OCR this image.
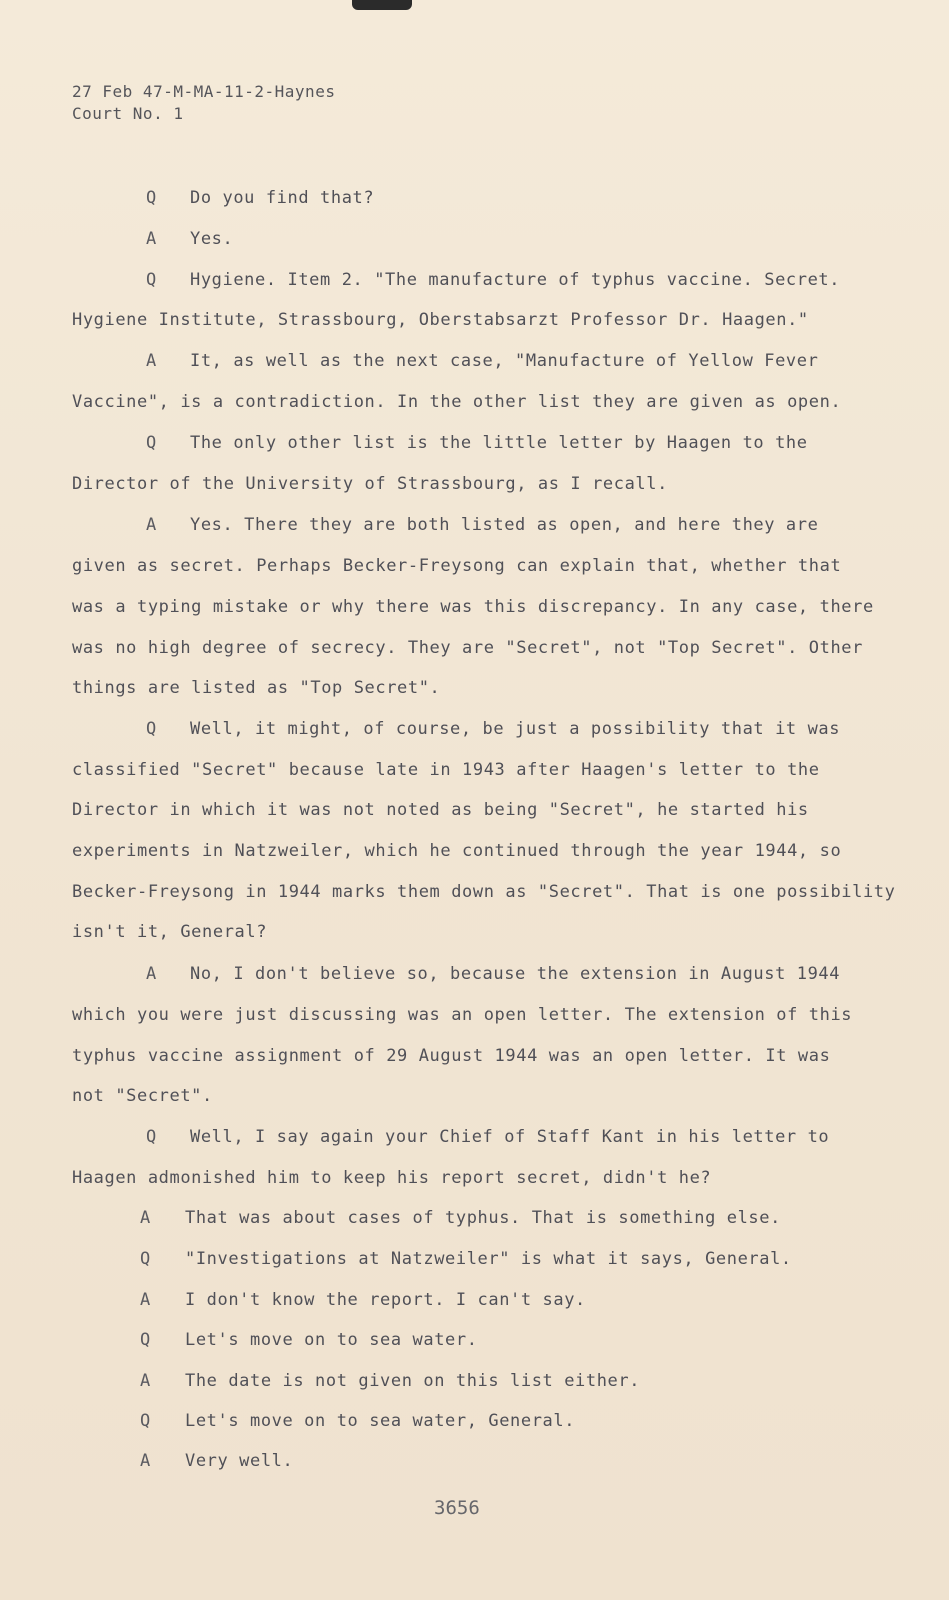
27 Feb 47-M-MA-11-2-Haynes
Court No. 1
Q Do you find that?
A Yes.
Q Hygiene. Item 2. "The manufacture of typhus vaccine. Secret.
Hygiene Institute, Strassbourg, Oberstabsarzt Professor Dr. Haagen."
A It, as well as the next case, "Manufacture of Yellow Fever
Vaccine", is a contradiction. In the other list they are given as open.
Q The only other list is the little letter by Haagen to the
Director of the University of Strassbourg, as I recall.
A Yes. There they are both listed as open, and here they are
given as secret. Perhaps Becker-Freysong can explain that, whether that
was a typing mistake or why there was this discrepancy. In any case, there
was no high degree of secrecy. They are "Secret", not "Top Secret". Other
things are listed as "Top Secret".
Q Well, it might, of course, be just a possibility that it was
classified "Secret" because late in 1943 after Haagen's letter to the
Director in which it was not noted as being "Secret", he started his
experiments in Natzweiler, which he continued through the year 1944, so
Becker-Freysong in 1944 marks them down as "Secret". That is one possibility
isn't it, General?
A No, I don't believe so, because the extension in August 1944
which you were just discussing was an open letter. The extension of this
typhus vaccine assignment of 29 August 1944 was an open letter. It was
not "Secret".
Q Well, I say again your Chief of Staff Kant in his letter to
Haagen admonished him to keep his report secret, didn't he?
A That was about cases of typhus. That is something else.
Q "Investigations at Natzweiler" is what it says, General.
A I don't know the report. I can't say.
Q Let's move on to sea water.
A The date is not given on this list either.
Q Let's move on to sea water, General.
A Very well.
3656
